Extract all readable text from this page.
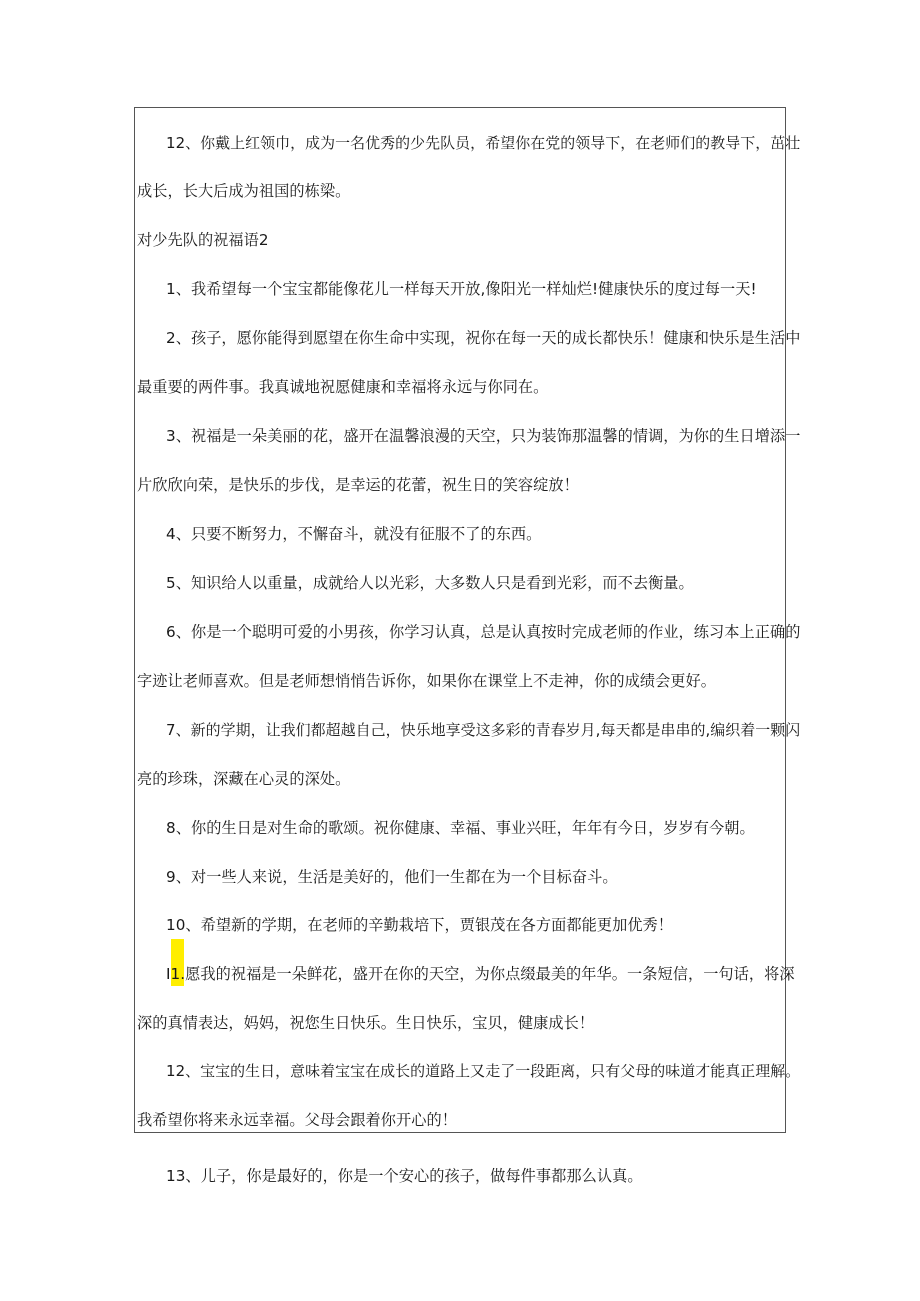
12、你戴上红领巾，成为一名优秀的少先队员，希望你在党的领导下，在老师们的教导下，茁壮
成长，长大后成为祖国的栋梁。
对少先队的祝福语2
1、我希望每一个宝宝都能像花儿一样每天开放,像阳光一样灿烂!健康快乐的度过每一天!
2、孩子，愿你能得到愿望在你生命中实现，祝你在每一天的成长都快乐！健康和快乐是生活中
最重要的两件事。我真诚地祝愿健康和幸福将永远与你同在。
3、祝福是一朵美丽的花，盛开在温馨浪漫的天空，只为装饰那温馨的情调，为你的生日增添一
片欣欣向荣，是快乐的步伐，是幸运的花蕾，祝生日的笑容绽放！
4、只要不断努力，不懈奋斗，就没有征服不了的东西。
5、知识给人以重量，成就给人以光彩，大多数人只是看到光彩，而不去衡量。
6、你是一个聪明可爱的小男孩，你学习认真，总是认真按时完成老师的作业，练习本上正确的
字迹让老师喜欢。但是老师想悄悄告诉你，如果你在课堂上不走神，你的成绩会更好。
7、新的学期，让我们都超越自己，快乐地享受这多彩的青春岁月,每天都是串串的,编织着一颗闪
亮的珍珠，深藏在心灵的深处。
8、你的生日是对生命的歌颂。祝你健康、幸福、事业兴旺，年年有今日，岁岁有今朝。
9、对一些人来说，生活是美好的，他们一生都在为一个目标奋斗。
10、希望新的学期，在老师的辛勤栽培下，贾银茂在各方面都能更加优秀！
I1.愿我的祝福是一朵鲜花，盛开在你的天空，为你点缀最美的年华。一条短信，一句话，将深
深的真情表达，妈妈，祝您生日快乐。生日快乐，宝贝，健康成长！
12、宝宝的生日，意味着宝宝在成长的道路上又走了一段距离，只有父母的味道才能真正理解。
我希望你将来永远幸福。父母会跟着你开心的！
13、儿子，你是最好的，你是一个安心的孩子，做每件事都那么认真。
